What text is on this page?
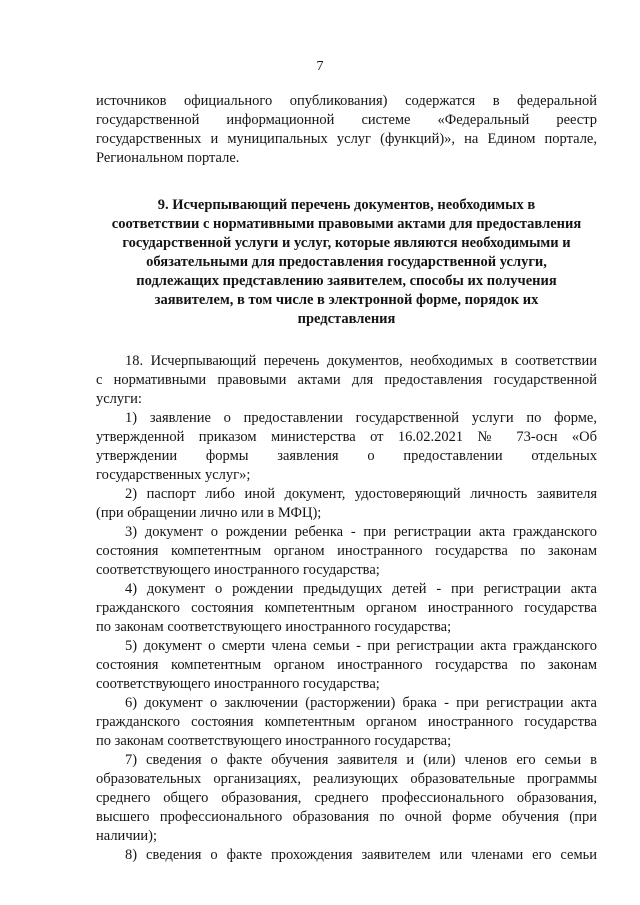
7
источников официального опубликования) содержатся в федеральной
государственной информационной системе «Федеральный реестр
государственных и муниципальных услуг (функций)», на Едином портале,
Региональном портале.
9. Исчерпывающий перечень документов, необходимых в
соответствии с нормативными правовыми актами для предоставления
государственной услуги и услуг, которые являются необходимыми и
обязательными для предоставления государственной услуги,
подлежащих представлению заявителем, способы их получения
заявителем, в том числе в электронной форме, порядок их
представления
18. Исчерпывающий перечень документов, необходимых в соответствии
с нормативными правовыми актами для предоставления государственной
услуги:
1) заявление о предоставлении государственной услуги по форме,
утвержденной приказом министерства от 16.02.2021 № 73-осн «Об
утверждении формы заявления о предоставлении отдельных
государственных услуг»;
2) паспорт либо иной документ, удостоверяющий личность заявителя
(при обращении лично или в МФЦ);
3) документ о рождении ребенка - при регистрации акта гражданского
состояния компетентным органом иностранного государства по законам
соответствующего иностранного государства;
4) документ о рождении предыдущих детей - при регистрации акта
гражданского состояния компетентным органом иностранного государства
по законам соответствующего иностранного государства;
5) документ о смерти члена семьи - при регистрации акта гражданского
состояния компетентным органом иностранного государства по законам
соответствующего иностранного государства;
6) документ о заключении (расторжении) брака - при регистрации акта
гражданского состояния компетентным органом иностранного государства
по законам соответствующего иностранного государства;
7) сведения о факте обучения заявителя и (или) членов его семьи в
образовательных организациях, реализующих образовательные программы
среднего общего образования, среднего профессионального образования,
высшего профессионального образования по очной форме обучения (при
наличии);
8) сведения о факте прохождения заявителем или членами его семьи
